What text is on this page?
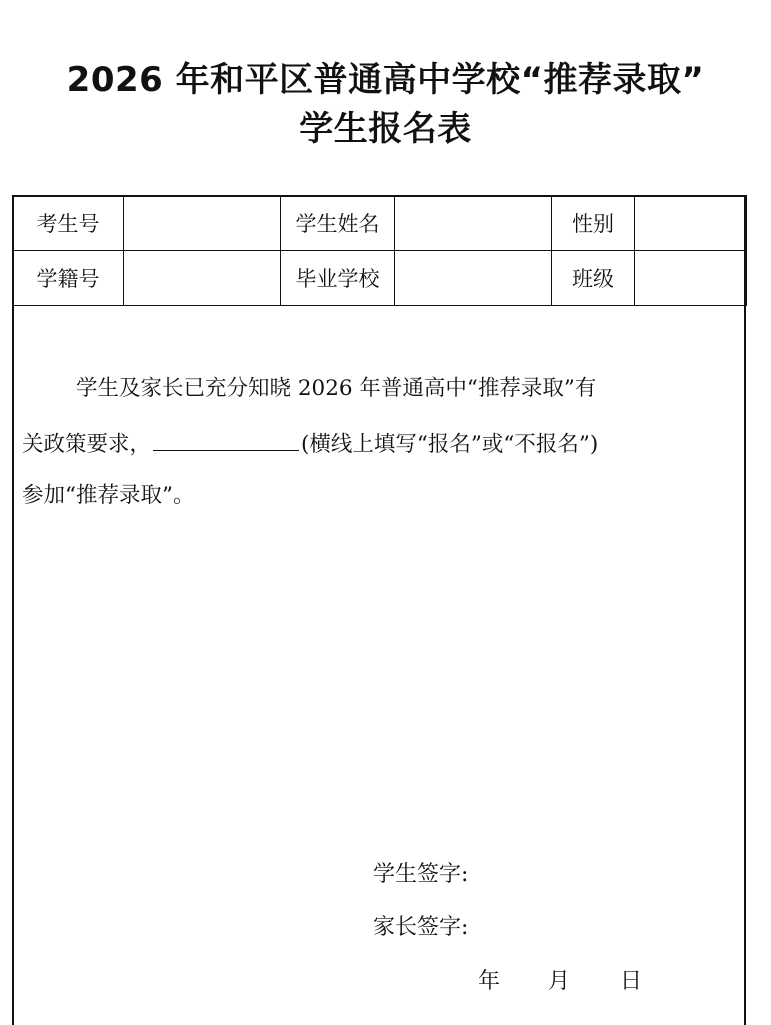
2026 年和平区普通高中学校“推荐录取”
学生报名表
考生号		学生姓名		性别	
学籍号		毕业学校		班级	
学生及家长已充分知晓 2026 年普通高中“推荐录取”有
关政策要求，	(横线上填写“报名”或“不报名”)
参加“推荐录取”。
学生签字:
家长签字:
年 月 日
